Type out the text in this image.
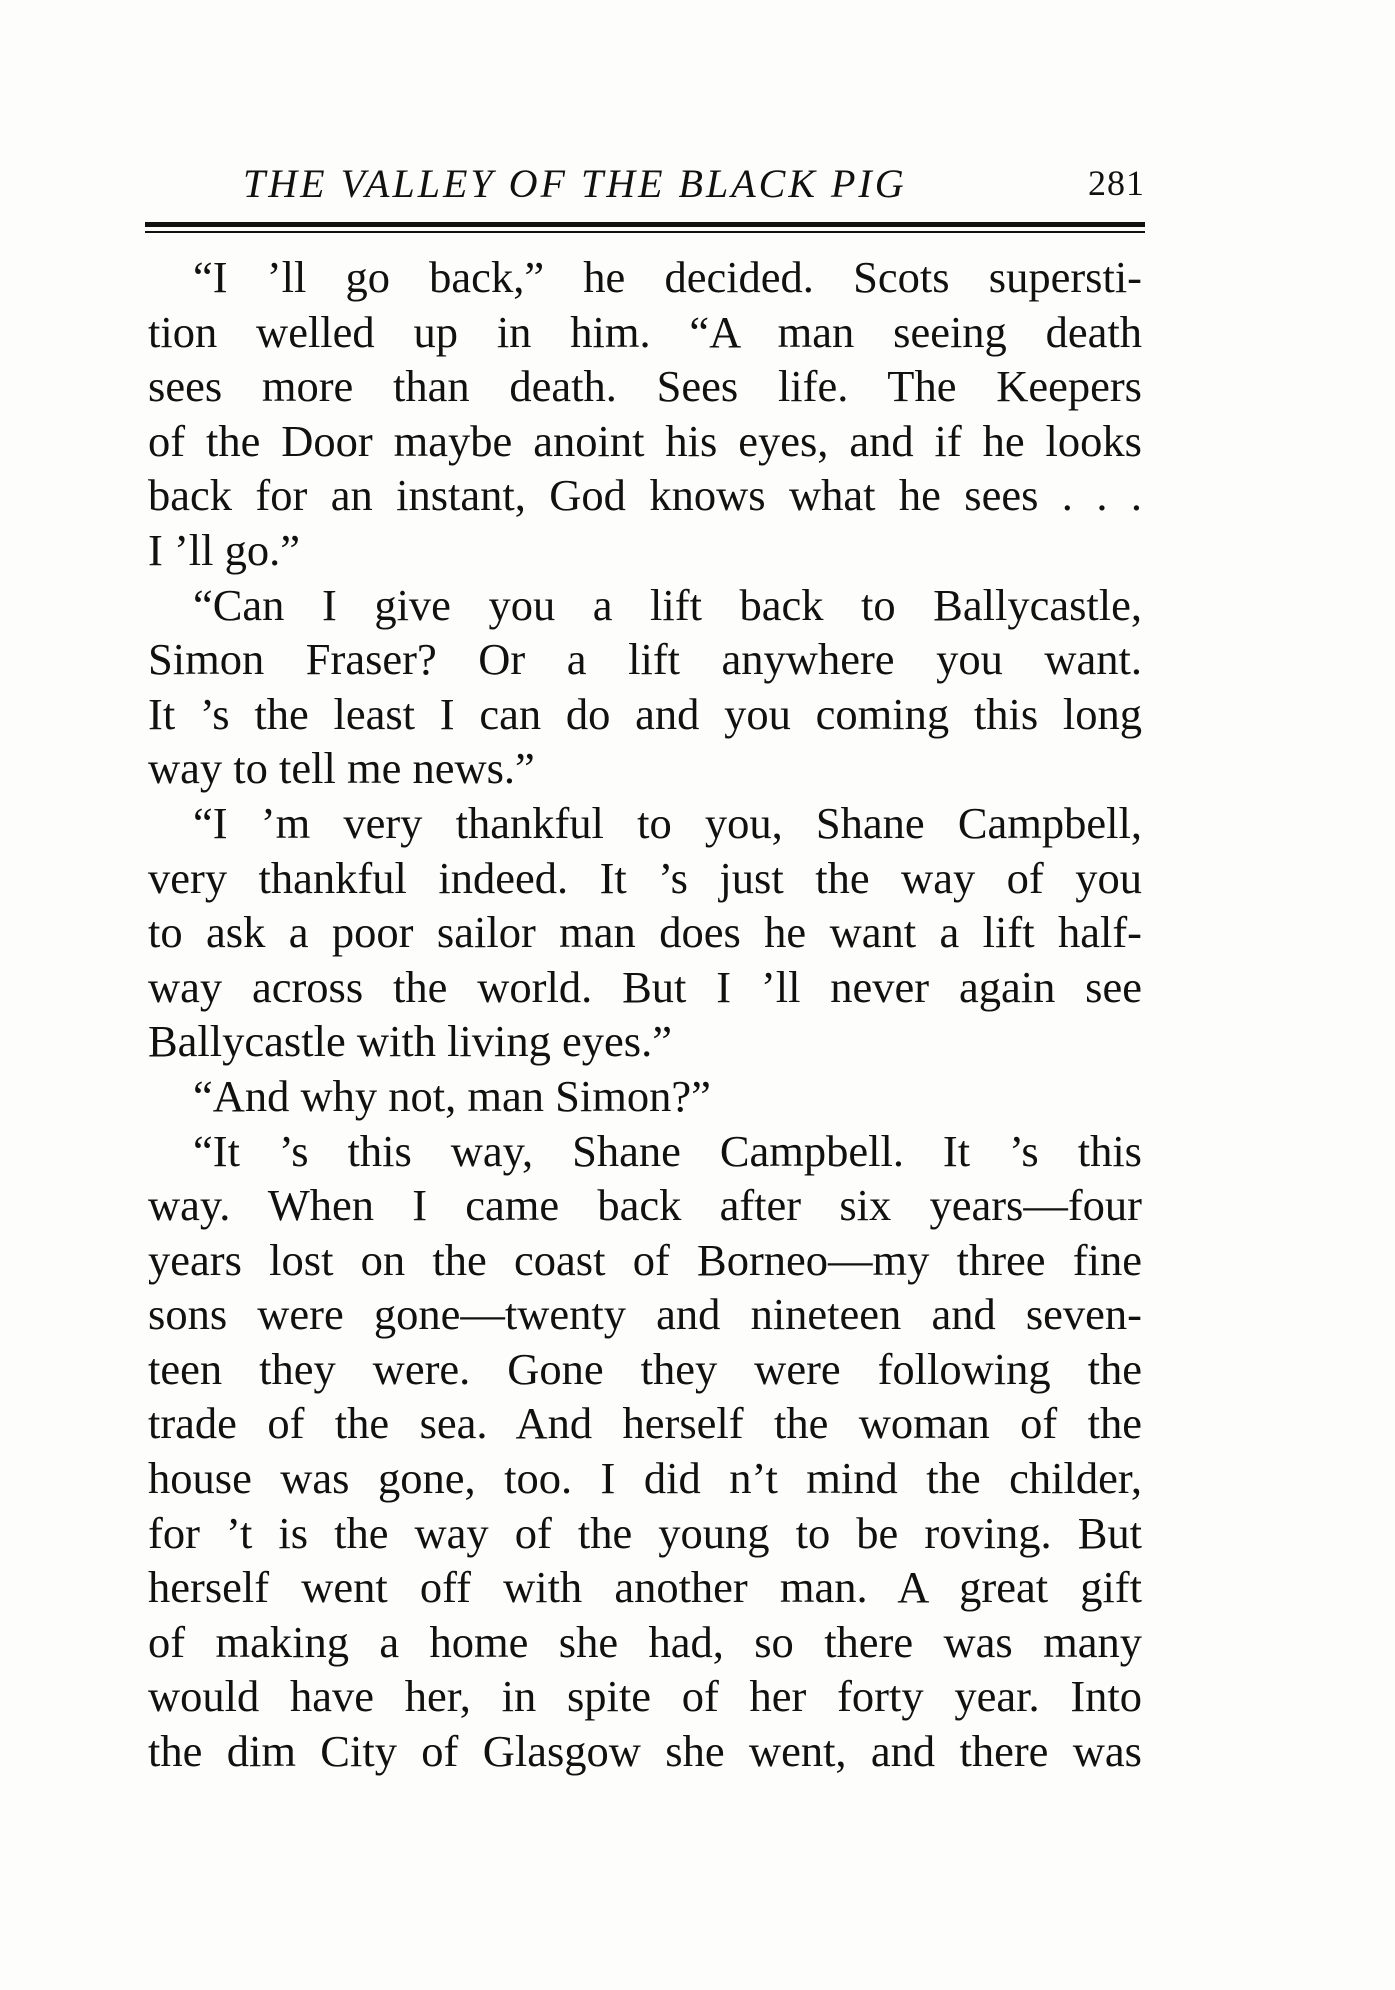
THE VALLEY OF THE BLACK PIG	281
“I ’ll go back,” he decided. Scots supersti-
tion welled up in him. “A man seeing death
sees more than death. Sees life. The Keepers
of the Door maybe anoint his eyes, and if he looks
back for an instant, God knows what he sees . . .
I ’ll go.”
“Can I give you a lift back to Ballycastle,
Simon Fraser? Or a lift anywhere you want.
It ’s the least I can do and you coming this long
way to tell me news.”
“I ’m very thankful to you, Shane Campbell,
very thankful indeed. It ’s just the way of you
to ask a poor sailor man does he want a lift half-
way across the world. But I ’ll never again see
Ballycastle with living eyes.”
“And why not, man Simon?”
“It ’s this way, Shane Campbell. It ’s this
way. When I came back after six years—four
years lost on the coast of Borneo—my three fine
sons were gone—twenty and nineteen and seven-
teen they were. Gone they were following the
trade of the sea. And herself the woman of the
house was gone, too. I did n’t mind the childer,
for ’t is the way of the young to be roving. But
herself went off with another man. A great gift
of making a home she had, so there was many
would have her, in spite of her forty year. Into
the dim City of Glasgow she went, and there was
